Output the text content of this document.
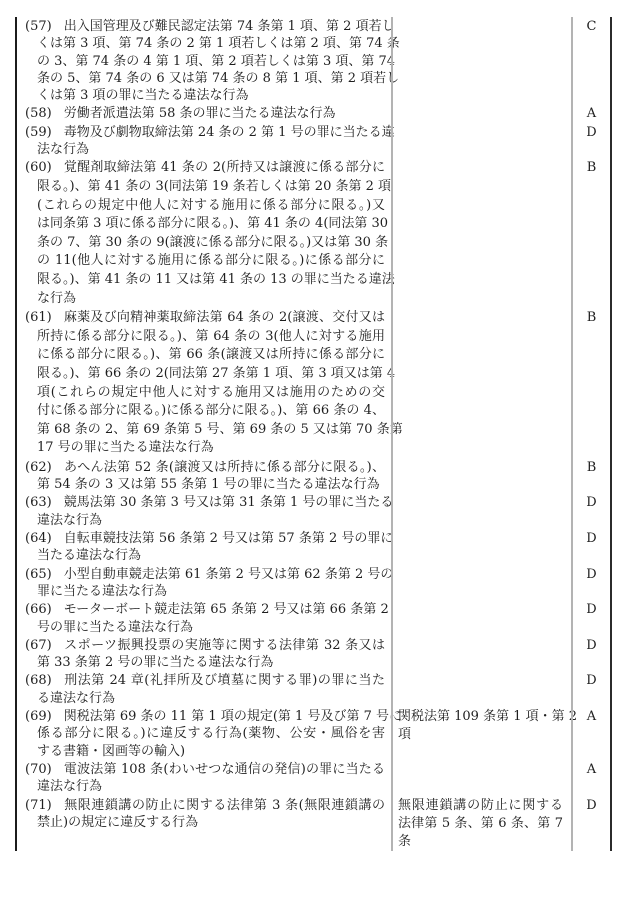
(57) 出入国管理及び難民認定法第 74 条第 1 項、第 2 項若し
くは第 3 項、第 74 条の 2 第 1 項若しくは第 2 項、第 74 条
の 3、第 74 条の 4 第 1 項、第 2 項若しくは第 3 項、第 74
条の 5、第 74 条の 6 又は第 74 条の 8 第 1 項、第 2 項若し
くは第 3 項の罪に当たる違法な行為
C
(58) 労働者派遣法第 58 条の罪に当たる違法な行為	A
(59) 毒物及び劇物取締法第 24 条の 2 第 1 号の罪に当たる違
法な行為
D
(60) 覚醒剤取締法第 41 条の 2(所持又は譲渡に係る部分に
限る。)、第 41 条の 3(同法第 19 条若しくは第 20 条第 2 項
(これらの規定中他人に対する施用に係る部分に限る。)又
は同条第 3 項に係る部分に限る。)、第 41 条の 4(同法第 30
条の 7、第 30 条の 9(譲渡に係る部分に限る。)又は第 30 条
の 11(他人に対する施用に係る部分に限る。)に係る部分に
限る。)、第 41 条の 11 又は第 41 条の 13 の罪に当たる違法
な行為
B
(61) 麻薬及び向精神薬取締法第 64 条の 2(譲渡、交付又は
所持に係る部分に限る。)、第 64 条の 3(他人に対する施用
に係る部分に限る。)、第 66 条(譲渡又は所持に係る部分に
限る。)、第 66 条の 2(同法第 27 条第 1 項、第 3 項又は第 4
項(これらの規定中他人に対する施用又は施用のための交
付に係る部分に限る。)に係る部分に限る。)、第 66 条の 4、
第 68 条の 2、第 69 条第 5 号、第 69 条の 5 又は第 70 条第
17 号の罪に当たる違法な行為
B
(62) あへん法第 52 条(譲渡又は所持に係る部分に限る。)、
第 54 条の 3 又は第 55 条第 1 号の罪に当たる違法な行為
B
(63) 競馬法第 30 条第 3 号又は第 31 条第 1 号の罪に当たる
違法な行為
D
(64) 自転車競技法第 56 条第 2 号又は第 57 条第 2 号の罪に
当たる違法な行為
D
(65) 小型自動車競走法第 61 条第 2 号又は第 62 条第 2 号の
罪に当たる違法な行為
D
(66) モーターボート競走法第 65 条第 2 号又は第 66 条第 2
号の罪に当たる違法な行為
D
(67) スポーツ振興投票の実施等に関する法律第 32 条又は
第 33 条第 2 号の罪に当たる違法な行為
D
(68) 刑法第 24 章(礼拝所及び墳墓に関する罪)の罪に当た
る違法な行為
D
(69) 関税法第 69 条の 11 第 1 項の規定(第 1 号及び第 7 号に
係る部分に限る。)に違反する行為(薬物、公安・風俗を害
する書籍・図画等の輸入)
関税法第 109 条第 1 項・第 2
項
A
(70) 電波法第 108 条(わいせつな通信の発信)の罪に当たる
違法な行為
A
(71) 無限連鎖講の防止に関する法律第 3 条(無限連鎖講の
禁止)の規定に違反する行為
無限連鎖講の防止に関する
法律第 5 条、第 6 条、第 7
条
D
